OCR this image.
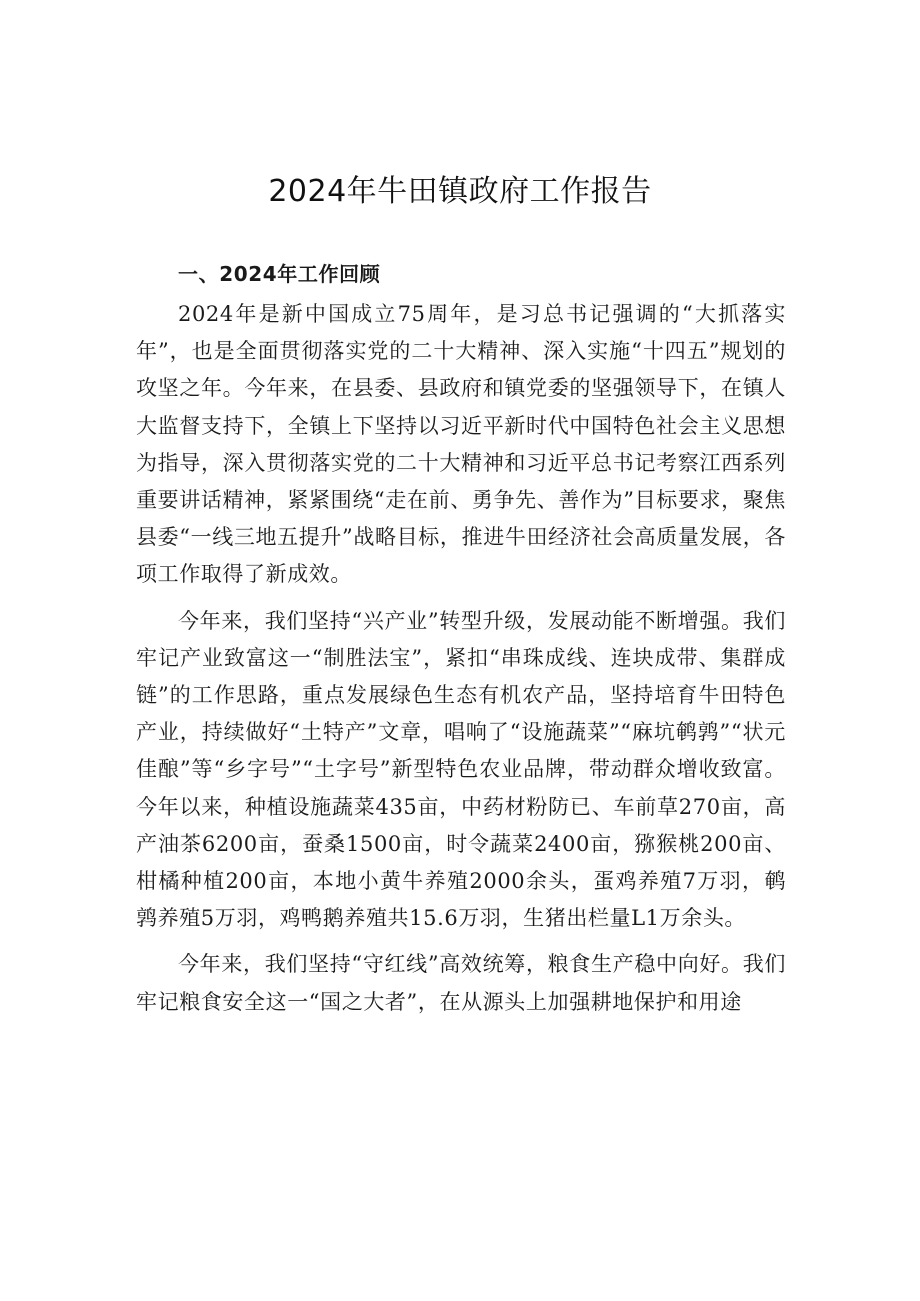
2024年牛田镇政府工作报告
一、2024年工作回顾

2024年是新中国成立75周年，是习总书记强调的“大抓落实年”，也是全面贯彻落实党的二十大精神、深入实施“十四五”规划的攻坚之年。今年来，在县委、县政府和镇党委的坚强领导下，在镇人大监督支持下，全镇上下坚持以习近平新时代中国特色社会主义思想为指导，深入贯彻落实党的二十大精神和习近平总书记考察江西系列重要讲话精神，紧紧围绕“走在前、勇争先、善作为”目标要求，聚焦县委“一线三地五提升”战略目标，推进牛田经济社会高质量发展，各项工作取得了新成效。

今年来，我们坚持“兴产业”转型升级，发展动能不断增强。我们牢记产业致富这一“制胜法宝”，紧扣“串珠成线、连块成带、集群成链”的工作思路，重点发展绿色生态有机农产品，坚持培育牛田特色产业，持续做好“土特产”文章，唱响了“设施蔬菜”“麻坑鹌鹑”“状元佳酿”等“乡字号”“土字号”新型特色农业品牌，带动群众增收致富。今年以来，种植设施蔬菜435亩，中药材粉防已、车前草270亩，高产油茶6200亩，蚕桑1500亩，时令蔬菜2400亩，猕猴桃200亩、柑橘种植200亩，本地小黄牛养殖2000余头，蛋鸡养殖7万羽，鹌鹑养殖5万羽，鸡鸭鹅养殖共15.6万羽，生猪出栏量L1万余头。

今年来，我们坚持“守红线”高效统筹，粮食生产稳中向好。我们牢记粮食安全这一“国之大者”，在从源头上加强耕地保护和用途
